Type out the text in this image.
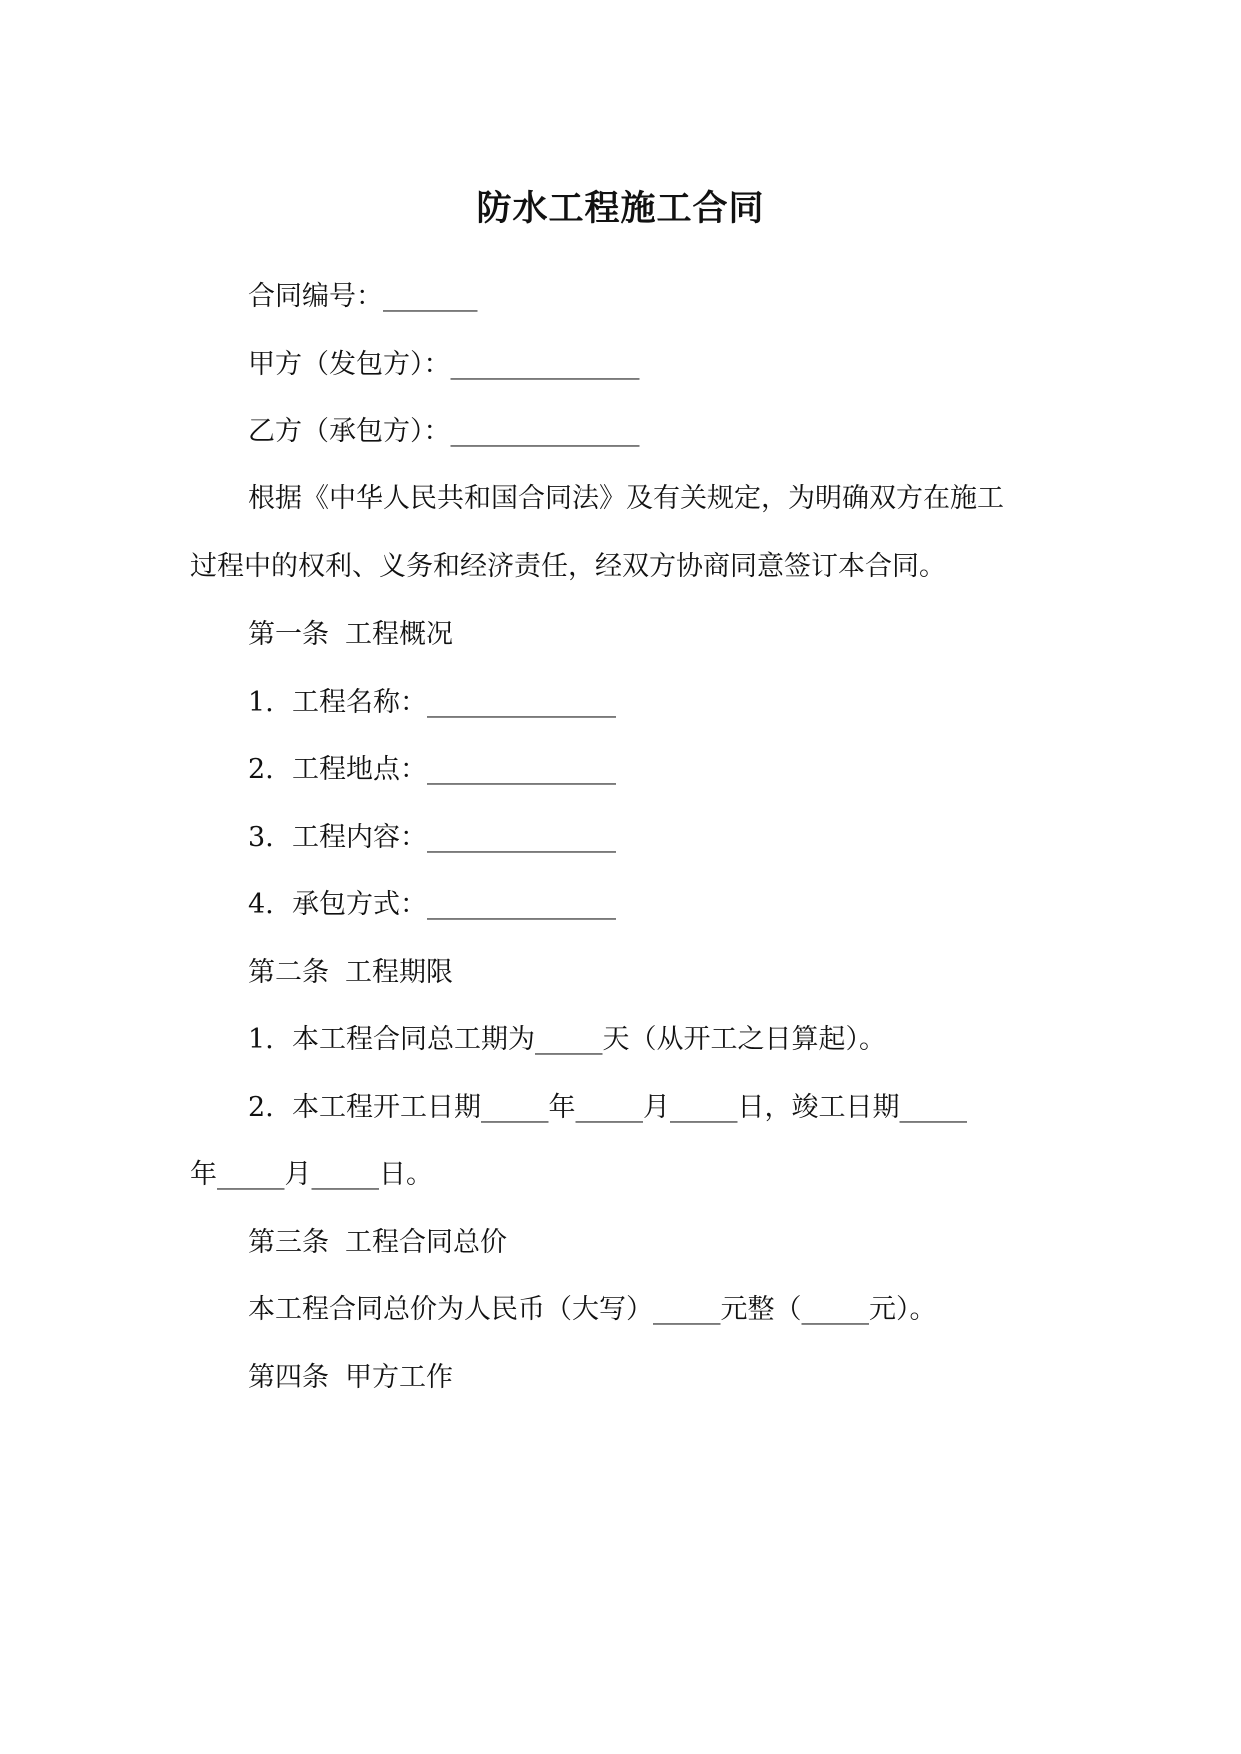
防水工程施工合同
合同编号：_______
甲方（发包方）：______________
乙方（承包方）：______________
根据《中华人民共和国合同法》及有关规定，为明确双方在施工
过程中的权利、义务和经济责任，经双方协商同意签订本合同。
第一条 工程概况
1. 工程名称：______________
2. 工程地点：______________
3. 工程内容：______________
4. 承包方式：______________
第二条 工程期限
1. 本工程合同总工期为_____天（从开工之日算起）。
2. 本工程开工日期_____年_____月_____日，竣工日期_____
年_____月_____日。
第三条 工程合同总价
本工程合同总价为人民币（大写）_____元整（_____元）。
第四条 甲方工作
